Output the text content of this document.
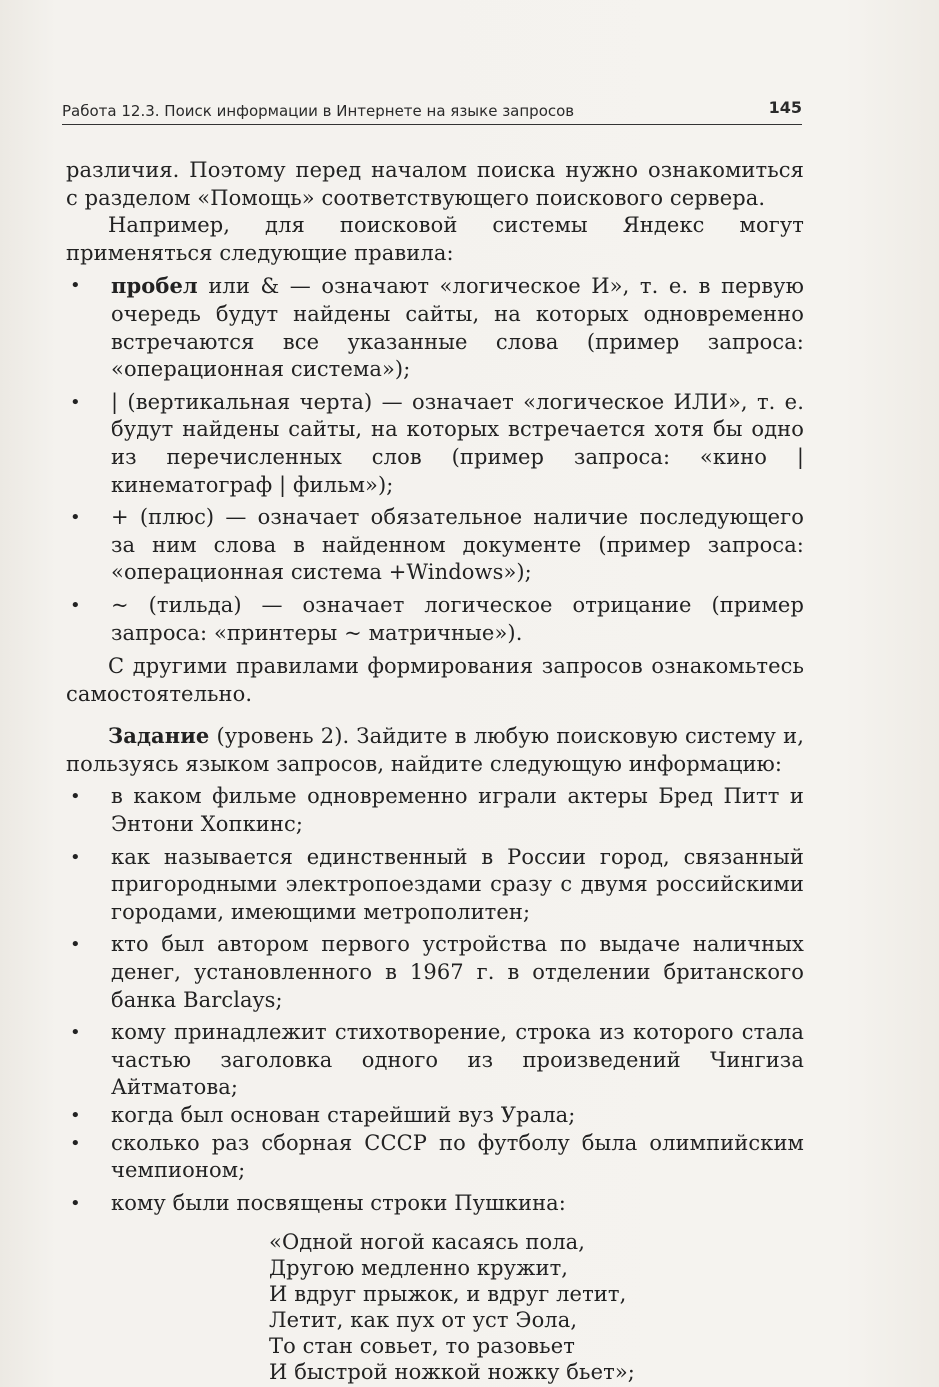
Работа 12.3. Поиск информации в Интернете на языке запросов	145

различия. Поэтому перед началом поиска нужно ознакомиться с разделом «Помощь» соответствующего поискового сервера.

Например, для поисковой системы Яндекс могут применяться следующие правила:

• пробел или & — означают «логическое И», т. е. в первую очередь будут найдены сайты, на которых одновременно встречаются все указанные слова (пример запроса: «операционная система»);
• | (вертикальная черта) — означает «логическое ИЛИ», т. е. будут найдены сайты, на которых встречается хотя бы одно из перечисленных слов (пример запроса: «кино | кинематограф | фильм»);
• + (плюс) — означает обязательное наличие последующего за ним слова в найденном документе (пример запроса: «операционная система +Windows»);
• ~ (тильда) — означает логическое отрицание (пример запроса: «принтеры ~ матричные»).

С другими правилами формирования запросов ознакомьтесь самостоятельно.

Задание (уровень 2). Зайдите в любую поисковую систему и, пользуясь языком запросов, найдите следующую информацию:

• в каком фильме одновременно играли актеры Бред Питт и Энтони Хопкинс;
• как называется единственный в России город, связанный пригородными электропоездами сразу с двумя российскими городами, имеющими метрополитен;
• кто был автором первого устройства по выдаче наличных денег, установленного в 1967 г. в отделении британского банка Barclays;
• кому принадлежит стихотворение, строка из которого стала частью заголовка одного из произведений Чингиза Айтматова;
• когда был основан старейший вуз Урала;
• сколько раз сборная СССР по футболу была олимпийским чемпионом;
• кому были посвящены строки Пушкина:
«Одной ногой касаясь пола,
Другою медленно кружит,
И вдруг прыжок, и вдруг летит,
Летит, как пух от уст Эола,
То стан совьет, то разовьет
И быстрой ножкой ножку бьет»;
